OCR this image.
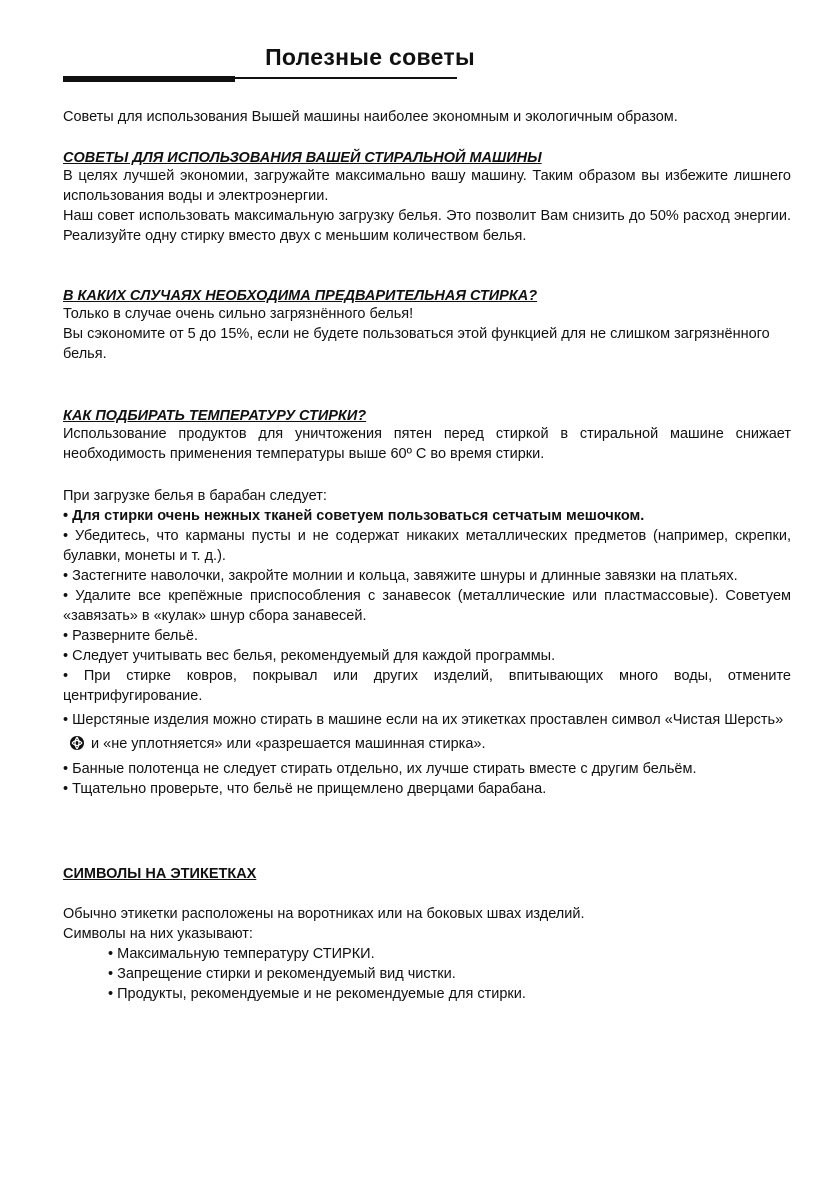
Полезные советы
Советы для использования Вышей машины наиболее экономным и экологичным образом.
СОВЕТЫ ДЛЯ ИСПОЛЬЗОВАНИЯ ВАШЕЙ СТИРАЛЬНОЙ МАШИНЫ

В целях лучшей экономии, загружайте максимально вашу машину. Таким образом вы избежите лишнего использования воды и электроэнергии.

Наш совет использовать максимальную загрузку белья. Это позволит Вам снизить до 50% расход энергии. Реализуйте одну стирку вместо двух с меньшим количеством белья.

В КАКИХ СЛУЧАЯХ НЕОБХОДИМА ПРЕДВАРИТЕЛЬНАЯ СТИРКА?

Только в случае очень сильно загрязнённого белья!

Вы сэкономите от 5 до 15%, если не будете пользоваться этой функцией для не слишком загрязнённого белья.

КАК ПОДБИРАТЬ ТЕМПЕРАТУРУ СТИРКИ?
Использование продуктов для уничтожения пятен перед стиркой в стиральной машине снижает необходимость применения температуры выше 60º С во время стирки.

При загрузке белья в барабан следует:

• Для стирки очень нежных тканей советуем пользоваться сетчатым мешочком.

• Убедитесь, что карманы пусты и не содержат никаких металлических предметов (например, скрепки, булавки, монеты и т. д.).

• Застегните наволочки, закройте молнии и кольца, завяжите шнуры и длинные завязки на платьях.

• Удалите все крепёжные приспособления с занавесок (металлические или пластмассовые). Советуем «завязать» в «кулак» шнур сбора занавесей.

• Разверните бельё.

• Следует учитывать вес белья, рекомендуемый для каждой программы.

• При стирке ковров, покрывал или других изделий, впитывающих много воды, отмените центрифугирование.

• Шерстяные изделия можно стирать в машине если на их этикетках проставлен символ «Чистая Шерсть»и «не уплотняется» или «разрешается машинная стирка».

• Банные полотенца не следует стирать отдельно, их лучше стирать вместе с другим бельём.

• Тщательно проверьте, что бельё не прищемлено дверцами барабана.

СИМВОЛЫ НА ЭТИКЕТКАХ

Обычно этикетки расположены на воротниках или на боковых швах изделий.

Символы на них указывают:

• Максимальную температуру СТИРКИ.

• Запрещение стирки и рекомендуемый вид чистки.

• Продукты, рекомендуемые и не рекомендуемые для стирки.
